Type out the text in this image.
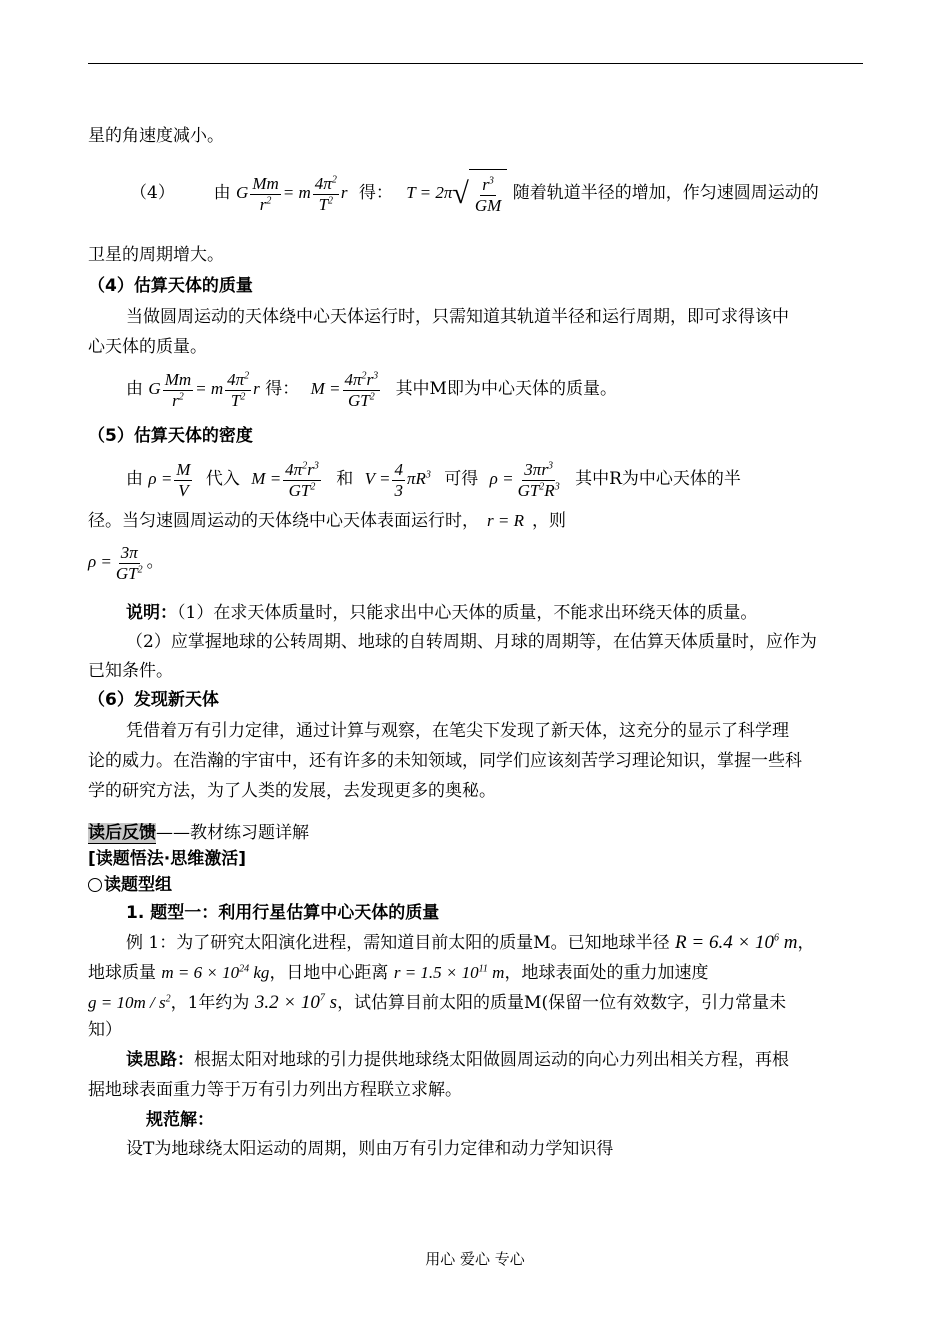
星的角速度减小。
（4） 由 G $\frac{Mm}{r^2} = m \frac{4\pi^2}{T^2}$ r 得： T = 2π √ $\frac{r^3}{GM}$ 随着轨道半径的增加，作匀速圆周运动的
卫星的周期增大。
（4）估算天体的质量
当做圆周运动的天体绕中心天体运行时，只需知道其轨道半径和运行周期，即可求得该中
心天体的质量。
由 G $\frac{Mm}{r^2} = m \frac{4\pi^2}{T^2}$ r 得： $M = \frac{4\pi^2r^3}{GT^2}$ 其中M即为中心天体的质量。
（5）估算天体的密度
由 $\rho = \frac{M}{V}$ 代入 $M = \frac{4\pi^2r^3}{GT^2}$ 和 $V = \frac{4}{3} \pi R^3$ 可得 $\rho = \frac{3\pi r^3}{GT^2R^3}$ 其中R为中心天体的半
径。当匀速圆周运动的天体绕中心天体表面运行时， r = R ，则
$\rho = \frac{3\pi}{GT^2}$ 。
说明：（1）在求天体质量时，只能求出中心天体的质量，不能求出环绕天体的质量。
（2）应掌握地球的公转周期、地球的自转周期、月球的周期等，在估算天体质量时，应作为
已知条件。
（6）发现新天体
凭借着万有引力定律，通过计算与观察，在笔尖下发现了新天体，这充分的显示了科学理
论的威力。在浩瀚的宇宙中，还有许多的未知领域，同学们应该刻苦学习理论知识，掌握一些科
学的研究方法，为了人类的发展，去发现更多的奥秘。
读后反馈——教材练习题详解
[读题悟法·思维激活]
读题型组
1. 题型一：利用行星估算中心天体的质量
例 1：为了研究太阳演化进程，需知道目前太阳的质量M。已知地球半径 $R = 6.4 \times 10^6$ m，
地球质量 $m = 6 \times 10^{24}$ kg，日地中心距离 $r = 1.5 \times 10^{11}$ m，地球表面处的重力加速度
$g = 10m / s^2$，1年约为 $3.2 \times 10^7$ s，试估算目前太阳的质量M(保留一位有效数字，引力常量未
知）
读思路：根据太阳对地球的引力提供地球绕太阳做圆周运动的向心力列出相关方程，再根
据地球表面重力等于万有引力列出方程联立求解。
规范解：
设T为地球绕太阳运动的周期，则由万有引力定律和动力学知识得
用心 爱心 专心
